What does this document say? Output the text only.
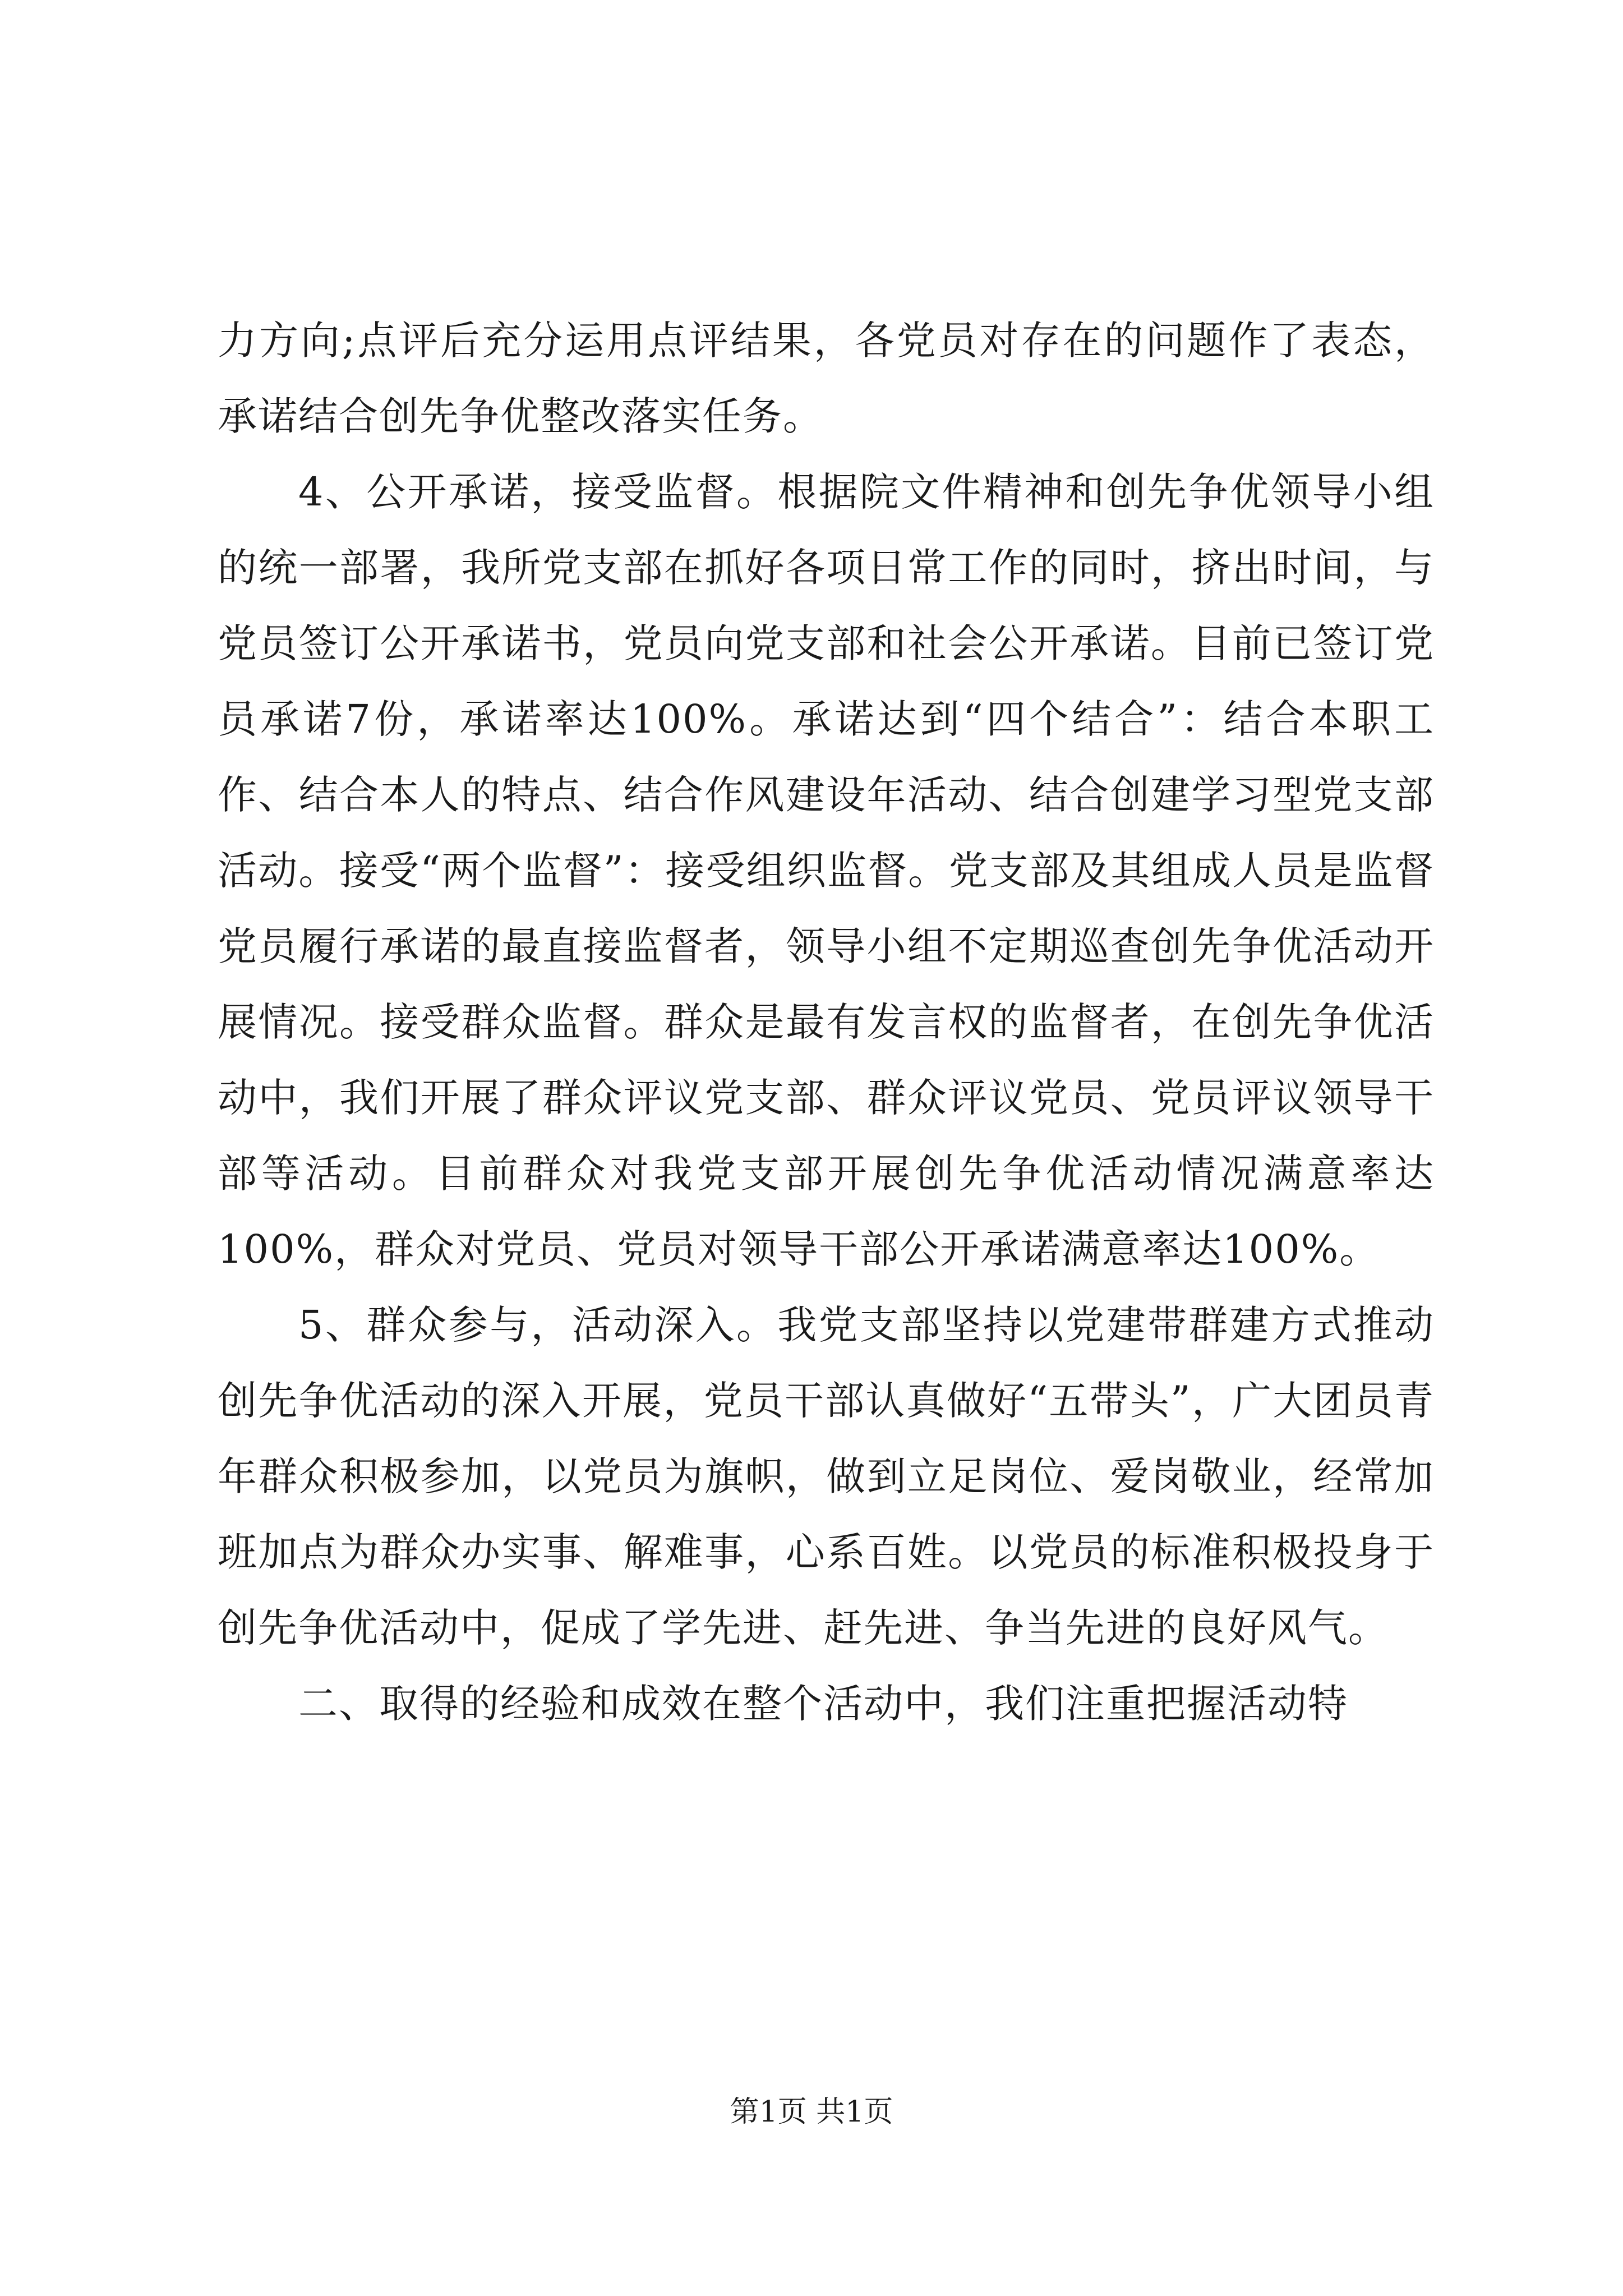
力方向;点评后充分运用点评结果，各党员对存在的问题作了表态，承诺结合创先争优整改落实任务。

4、公开承诺，接受监督。根据院文件精神和创先争优领导小组的统一部署，我所党支部在抓好各项日常工作的同时，挤出时间，与党员签订公开承诺书，党员向党支部和社会公开承诺。目前已签订党员承诺7份，承诺率达100%。承诺达到“四个结合”：结合本职工作、结合本人的特点、结合作风建设年活动、结合创建学习型党支部活动。接受“两个监督”：接受组织监督。党支部及其组成人员是监督党员履行承诺的最直接监督者，领导小组不定期巡查创先争优活动开展情况。接受群众监督。群众是最有发言权的监督者，在创先争优活动中，我们开展了群众评议党支部、群众评议党员、党员评议领导干部等活动。目前群众对我党支部开展创先争优活动情况满意率达100%，群众对党员、党员对领导干部公开承诺满意率达100%。

5、群众参与，活动深入。我党支部坚持以党建带群建方式推动创先争优活动的深入开展，党员干部认真做好“五带头”，广大团员青年群众积极参加，以党员为旗帜，做到立足岗位、爱岗敬业，经常加班加点为群众办实事、解难事，心系百姓。以党员的标准积极投身于创先争优活动中，促成了学先进、赶先进、争当先进的良好风气。

二、取得的经验和成效在整个活动中，我们注重把握活动特

第1页 共1页
